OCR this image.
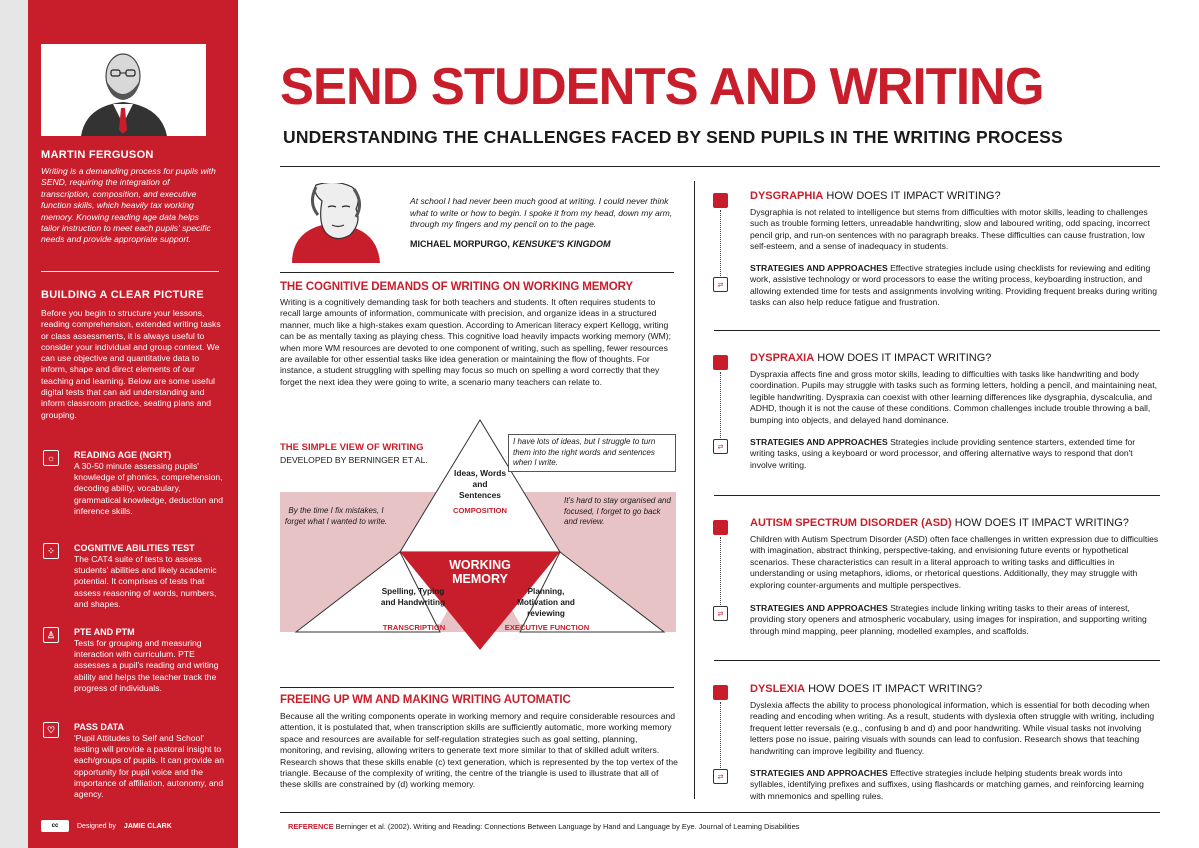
MARTIN FERGUSON
Writing is a demanding process for pupils with SEND, requiring the integration of transcription, composition, and executive function skills, which heavily tax working memory. Knowing reading age data helps tailor instruction to meet each pupils' specific needs and provide appropriate support.
BUILDING A CLEAR PICTURE
Before you begin to structure your lessons, reading comprehension, extended writing tasks or class assessments, it is always useful to consider your individual and group context. We can use objective and quantitative data to inform, shape and direct elements of our teaching and learning. Below are some useful digital tests that can aid understanding and inform classroom practice, seating plans and grouping.
☼	READING AGE (NGRT)
A 30-50 minute assessing pupils' knowledge of phonics, comprehension, decoding ability, vocabulary, grammatical knowledge, deduction and inference skills.
⁘	COGNITIVE ABILITIES TEST
The CAT4 suite of tests to assess students' abilities and likely academic potential. It comprises of tests that assess reasoning of words, numbers, and shapes.
♙	PTE AND PTM
Tests for grouping and measuring interaction with curriculum. PTE assesses a pupil's reading and writing ability and helps the teacher track the progress of individuals.
♡	PASS DATA
'Pupil Attitudes to Self and School' testing will provide a pastoral insight to each/groups of pupils. It can provide an opportunity for pupil voice and the importance of affiliation, autonomy, and agency.
cc	Designed by JAMIE CLARK
SEND STUDENTS AND WRITING
UNDERSTANDING THE CHALLENGES FACED BY SEND PUPILS IN THE WRITING PROCESS
At school I had never been much good at writing. I could never think what to write or how to begin. I spoke it from my head, down my arm, through my fingers and my pencil on to the page.
MICHAEL MORPURGO, KENSUKE'S KINGDOM
THE COGNITIVE DEMANDS OF WRITING ON WORKING MEMORY
Writing is a cognitively demanding task for both teachers and students. It often requires students to recall large amounts of information, communicate with precision, and organize ideas in a structured manner, much like a high-stakes exam question. According to American literacy expert Kellogg, writing can be as mentally taxing as playing chess. This cognitive load heavily impacts working memory (WM); when more WM resources are devoted to one component of writing, such as spelling, fewer resources are available for other essential tasks like idea generation or maintaining the flow of thoughts. For instance, a student struggling with spelling may focus so much on spelling a word correctly that they forget the next idea they were going to write, a scenario many teachers can relate to.
THE SIMPLE VIEW OF WRITING
DEVELOPED BY BERNINGER ET AL.
Ideas, Words and Sentences
COMPOSITION
Spelling, Typing and Handwriting
TRANSCRIPTION
Planning, Motivation and reviewing
EXECUTIVE FUNCTION
WORKING MEMORY
I have lots of ideas, but I struggle to turn them into the right words and sentences when I write.
By the time I fix mistakes, I forget what I wanted to write.
It's hard to stay organised and focused, I forget to go back and review.
FREEING UP WM AND MAKING WRITING AUTOMATIC
Because all the writing components operate in working memory and require considerable resources and attention, it is postulated that, when transcription skills are sufficiently automatic, more working memory space and resources are available for self-regulation strategies such as goal setting, planning, monitoring, and revising, allowing writers to generate text more similar to that of skilled adult writers. Research shows that these skills enable (c) text generation, which is represented by the top vertex of the triangle. Because of the complexity of writing, the centre of the triangle is used to illustrate that all of these skills are constrained by (d) working memory.
⇄
DYSGRAPHIA HOW DOES IT IMPACT WRITING?
Dysgraphia is not related to intelligence but stems from difficulties with motor skills, leading to challenges such as trouble forming letters, unreadable handwriting, slow and laboured writing, odd spacing, incorrect pencil grip, and run-on sentences with no paragraph breaks. These difficulties can cause frustration, low self-esteem, and a sense of inadequacy in students.
STRATEGIES AND APPROACHES Effective strategies include using checklists for reviewing and editing work, assistive technology or word processors to ease the writing process, keyboarding instruction, and allowing extended time for tests and assignments involving writing. Providing frequent breaks during writing tasks can also help reduce fatigue and frustration.
⇄
DYSPRAXIA HOW DOES IT IMPACT WRITING?
Dyspraxia affects fine and gross motor skills, leading to difficulties with tasks like handwriting and body coordination. Pupils may struggle with tasks such as forming letters, holding a pencil, and maintaining neat, legible handwriting. Dyspraxia can coexist with other learning differences like dysgraphia, dyscalculia, and ADHD, though it is not the cause of these conditions. Common challenges include trouble throwing a ball, bumping into objects, and delayed hand dominance.
STRATEGIES AND APPROACHES Strategies include providing sentence starters, extended time for writing tasks, using a keyboard or word processor, and offering alternative ways to respond that don't involve writing.
⇄
AUTISM SPECTRUM DISORDER (ASD) HOW DOES IT IMPACT WRITING?
Children with Autism Spectrum Disorder (ASD) often face challenges in written expression due to difficulties with imagination, abstract thinking, perspective-taking, and envisioning future events or hypothetical scenarios. These characteristics can result in a literal approach to writing tasks and difficulties in understanding or using metaphors, idioms, or rhetorical questions. Additionally, they may struggle with exploring counter-arguments and multiple perspectives.
STRATEGIES AND APPROACHES Strategies include linking writing tasks to their areas of interest, providing story openers and atmospheric vocabulary, using images for inspiration, and supporting writing through mind mapping, peer planning, modelled examples, and scaffolds.
⇄
DYSLEXIA HOW DOES IT IMPACT WRITING?
Dyslexia affects the ability to process phonological information, which is essential for both decoding when reading and encoding when writing. As a result, students with dyslexia often struggle with writing, including frequent letter reversals (e.g., confusing b and d) and poor handwriting. While visual tasks not involving letters pose no issue, pairing visuals with sounds can lead to confusion. Research shows that teaching handwriting can improve legibility and fluency.
STRATEGIES AND APPROACHES Effective strategies include helping students break words into syllables, identifying prefixes and suffixes, using flashcards or matching games, and reinforcing learning with mnemonics and spelling rules.
REFERENCE Berninger et al. (2002). Writing and Reading: Connections Between Language by Hand and Language by Eye. Journal of Learning Disabilities
